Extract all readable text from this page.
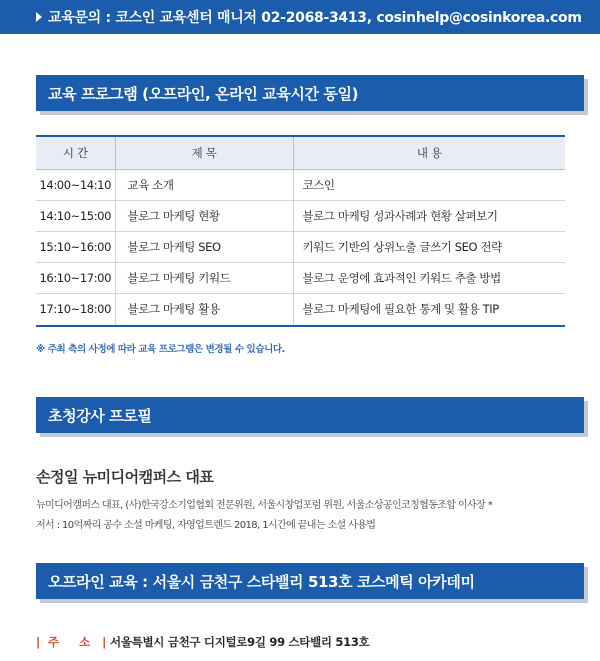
교육문의 : 코스인 교육센터 매니저 02-2068-3413, cosinhelp@cosinkorea.com
교육 프로그램 (오프라인, 온라인 교육시간 동일)
시 간	제 목	내 용
14:00~14:10	교육 소개	코스인
14:10~15:00	블로그 마케팅 현황	블로그 마케팅 성과사례과 현황 살펴보기
15:10~16:00	블로그 마케팅 SEO	키워드 기반의 상위노출 글쓰기 SEO 전략
16:10~17:00	블로그 마케팅 키워드	블로그 운영에 효과적인 키워드 추출 방법
17:10~18:00	블로그 마케팅 활용	블로그 마케팅에 필요한 통계 및 활용 TIP
※ 주최 측의 사정에 따라 교육 프로그램은 변경될 수 있습니다.
초청강사 프로필
손정일 뉴미디어캠퍼스 대표
뉴미디어캠퍼스 대표, (사)한국강소기업협회 전문위원, 서울시창업포럼 위원, 서울소상공인코칭협동조합 이사장 *
저서 : 10억짜리 공수 소셜 마케팅, 자영업트렌드 2018, 1시간에 끝내는 소셜 사용법
오프라인 교육 : 서울시 금천구 스타밸리 513호 코스메틱 아카데미
| 주 소 | 서울특별시 금천구 디지털로9길 99 스타밸리 513호
